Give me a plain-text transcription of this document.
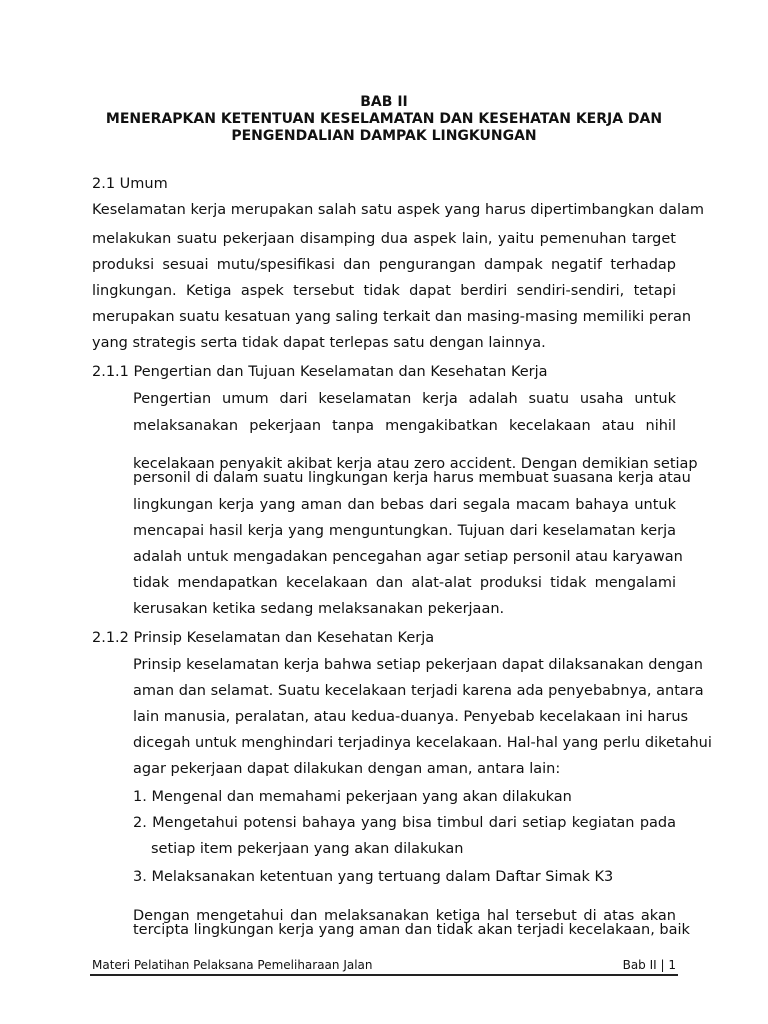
BAB II
MENERAPKAN KETENTUAN KESELAMATAN DAN KESEHATAN KERJA DAN
PENGENDALIAN DAMPAK LINGKUNGAN
2.1 Umum
Keselamatan kerja merupakan salah satu aspek yang harus dipertimbangkan dalam
melakukan suatu pekerjaan disamping dua aspek lain, yaitu pemenuhan target
produksi sesuai mutu/spesifikasi dan pengurangan dampak negatif terhadap
lingkungan. Ketiga aspek tersebut tidak dapat berdiri sendiri-sendiri, tetapi
merupakan suatu kesatuan yang saling terkait dan masing-masing memiliki peran
yang strategis serta tidak dapat terlepas satu dengan lainnya.
2.1.1 Pengertian dan Tujuan Keselamatan dan Kesehatan Kerja
Pengertian umum dari keselamatan kerja adalah suatu usaha untuk
melaksanakan pekerjaan tanpa mengakibatkan kecelakaan atau nihil
kecelakaan penyakit akibat kerja atau zero accident. Dengan demikian setiap
personil di dalam suatu lingkungan kerja harus membuat suasana kerja atau
lingkungan kerja yang aman dan bebas dari segala macam bahaya untuk
mencapai hasil kerja yang menguntungkan. Tujuan dari keselamatan kerja
adalah untuk mengadakan pencegahan agar setiap personil atau karyawan
tidak mendapatkan kecelakaan dan alat-alat produksi tidak mengalami
kerusakan ketika sedang melaksanakan pekerjaan.
2.1.2 Prinsip Keselamatan dan Kesehatan Kerja
Prinsip keselamatan kerja bahwa setiap pekerjaan dapat dilaksanakan dengan
aman dan selamat. Suatu kecelakaan terjadi karena ada penyebabnya, antara
lain manusia, peralatan, atau kedua-duanya. Penyebab kecelakaan ini harus
dicegah untuk menghindari terjadinya kecelakaan. Hal-hal yang perlu diketahui
agar pekerjaan dapat dilakukan dengan aman, antara lain:
1. Mengenal dan memahami pekerjaan yang akan dilakukan
2. Mengetahui potensi bahaya yang bisa timbul dari setiap kegiatan pada
setiap item pekerjaan yang akan dilakukan
3. Melaksanakan ketentuan yang tertuang dalam Daftar Simak K3
Dengan mengetahui dan melaksanakan ketiga hal tersebut di atas akan
tercipta lingkungan kerja yang aman dan tidak akan terjadi kecelakaan, baik
Materi Pelatihan Pelaksana Pemeliharaan Jalan	Bab II | 1
